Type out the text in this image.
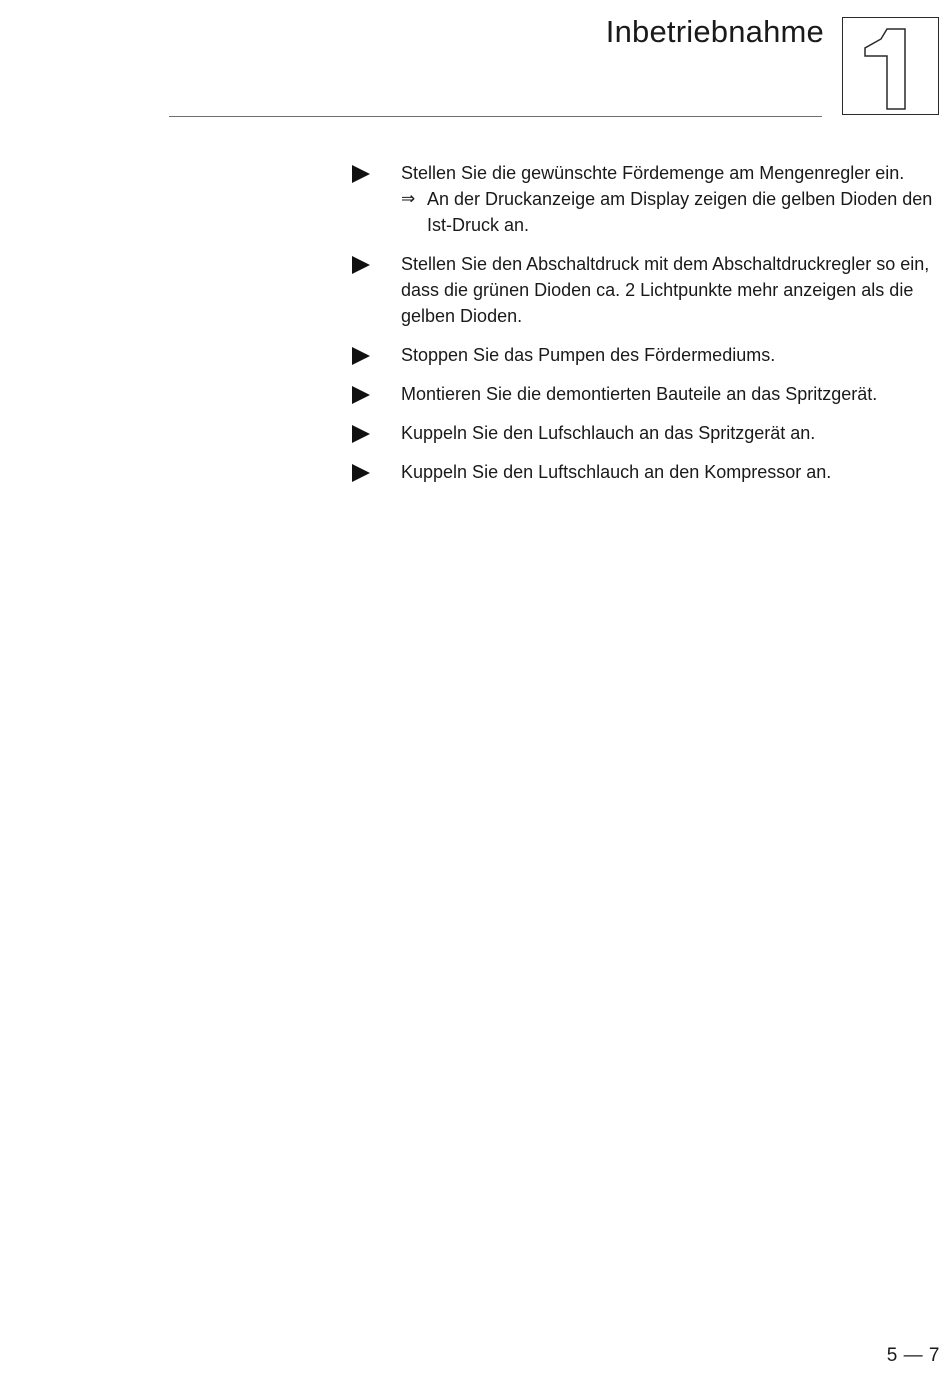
Inbetriebnahme
Stellen Sie die gewünschte Fördemenge am Mengenregler ein.
⇒ An der Druckanzeige am Display zeigen die gelben Dioden den Ist-Druck an.
Stellen Sie den Abschaltdruck mit dem Abschaltdruckregler so ein, dass die grünen Dioden ca. 2 Lichtpunkte mehr anzeigen als die gelben Dioden.
Stoppen Sie das Pumpen des Fördermediums.
Montieren Sie die demontierten Bauteile an das Spritzgerät.
Kuppeln Sie den Lufschlauch an das Spritzgerät an.
Kuppeln Sie den Luftschlauch an den Kompressor an.
5 — 7
